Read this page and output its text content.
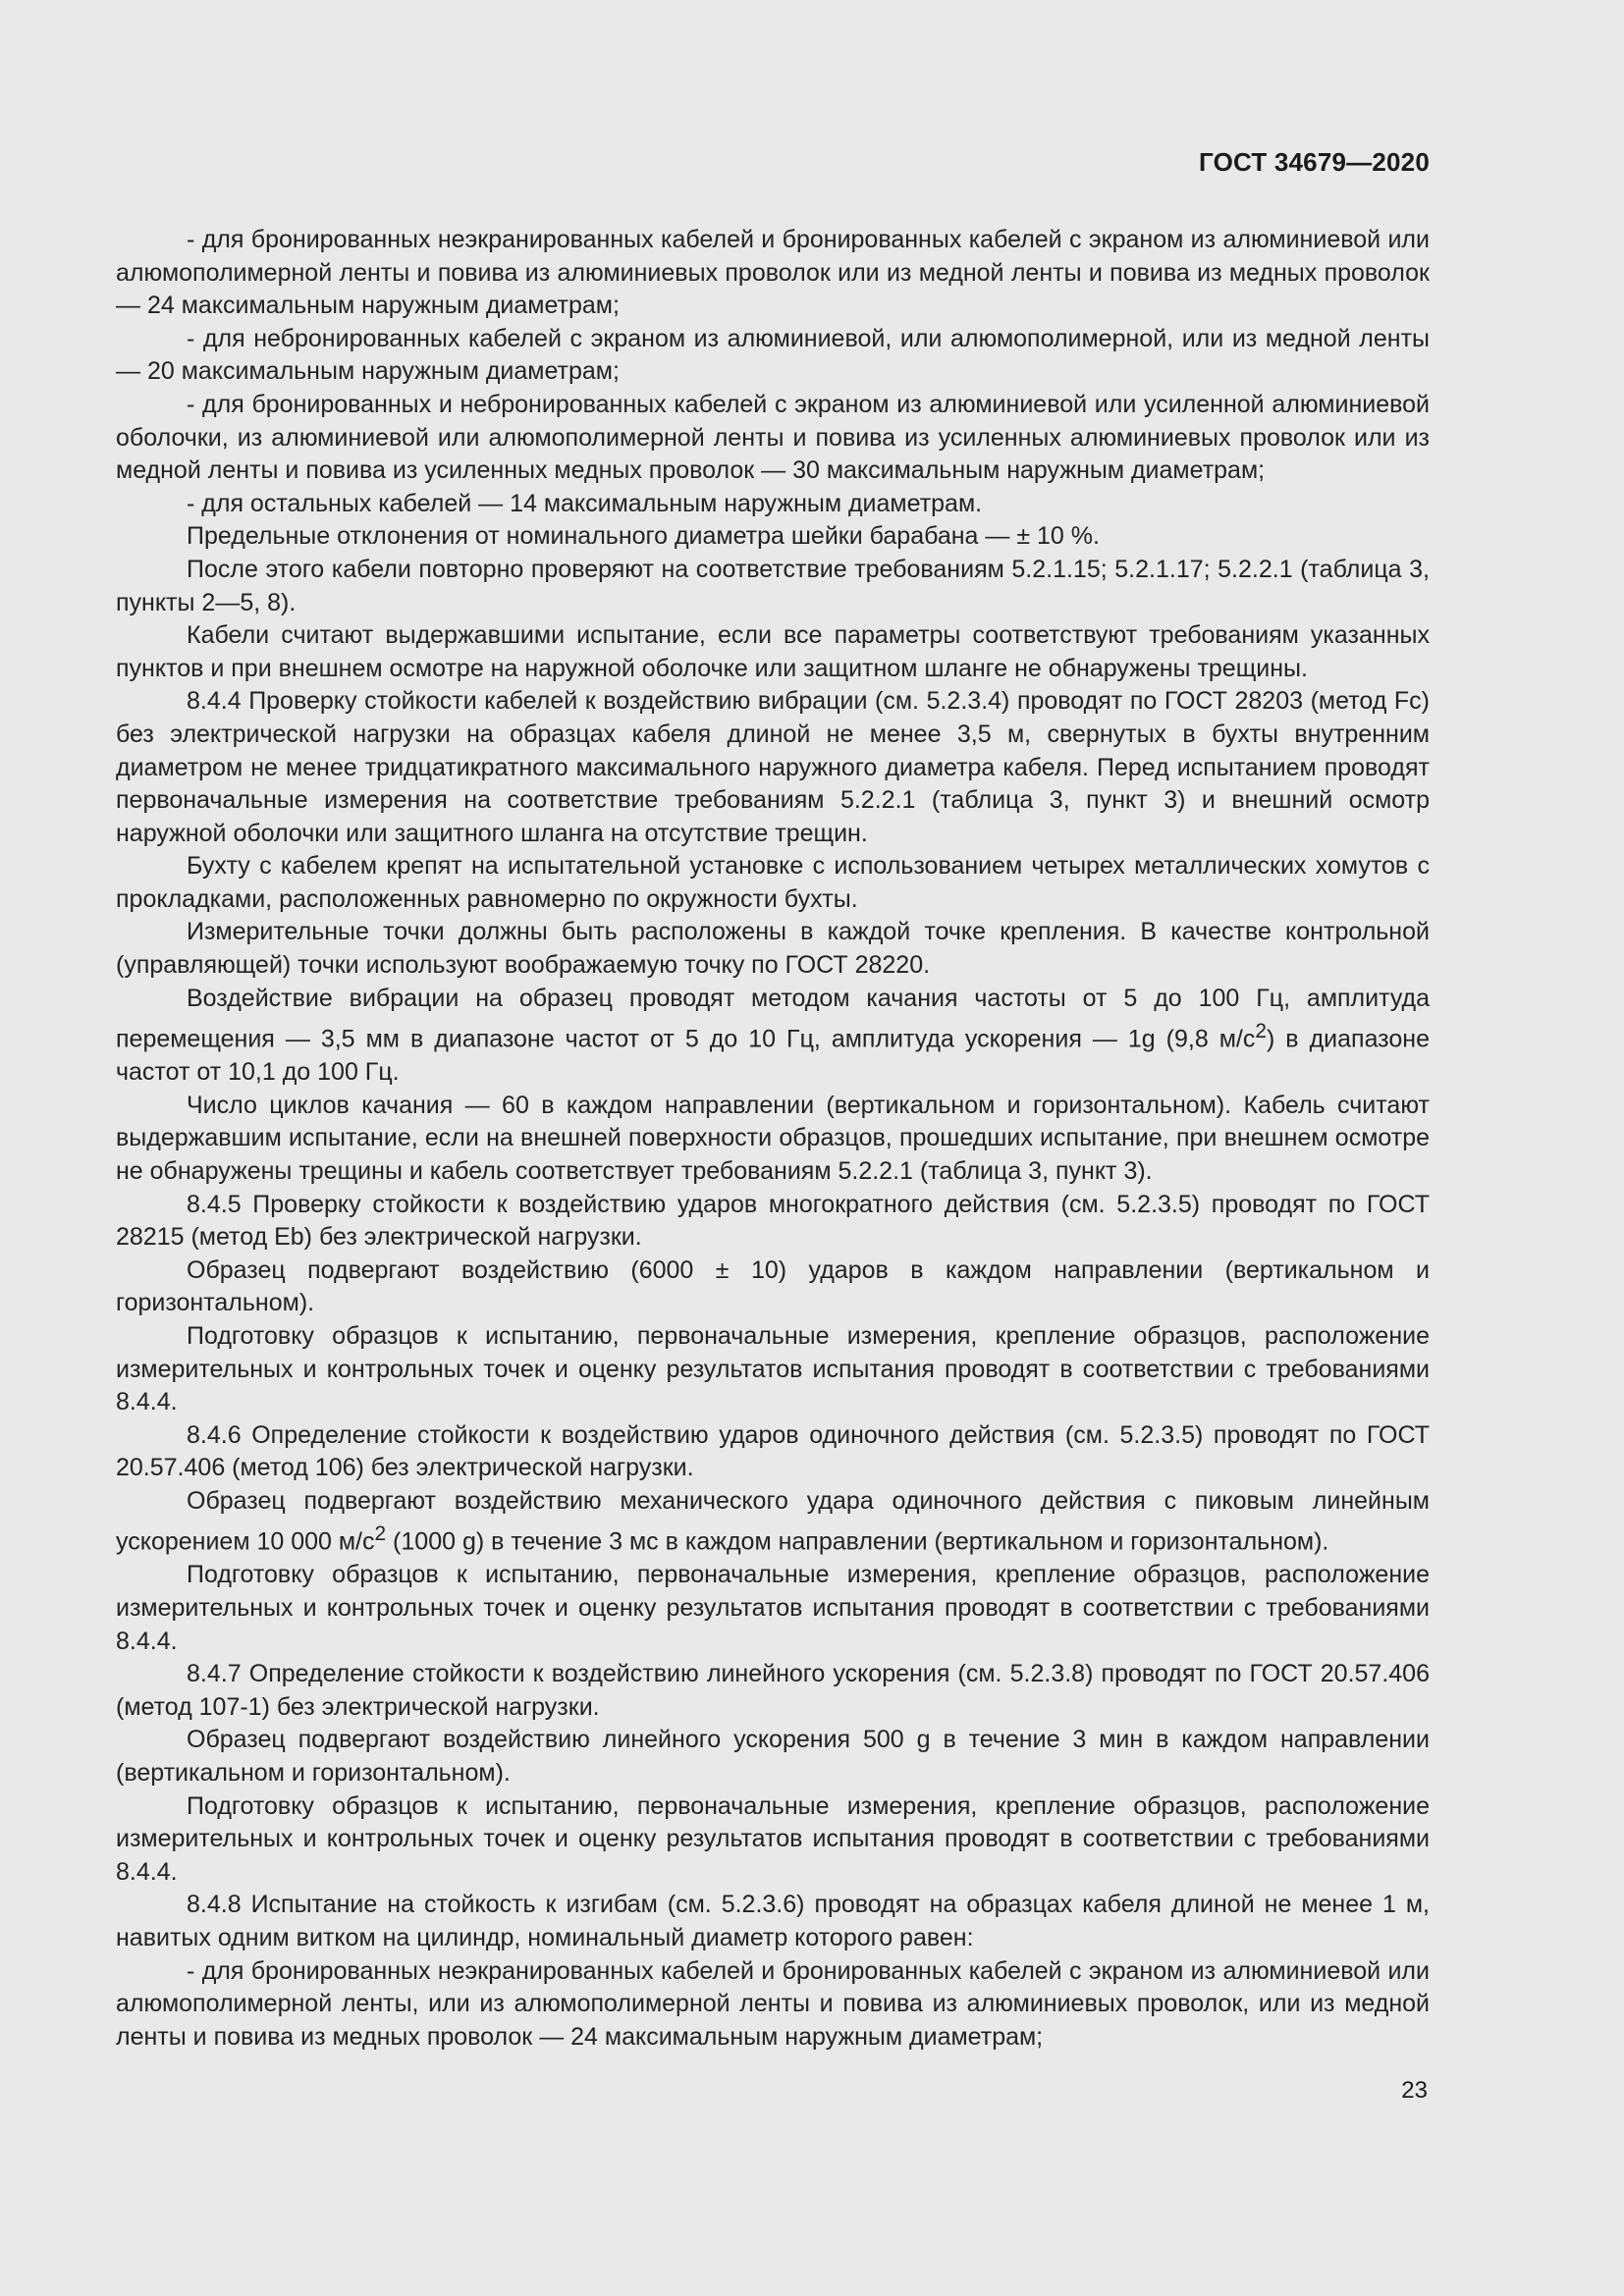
ГОСТ 34679—2020

- для бронированных неэкранированных кабелей и бронированных кабелей с экраном из алюминиевой или алюмополимерной ленты и повива из алюминиевых проволок или из медной ленты и повива из медных проволок — 24 максимальным наружным диаметрам;

- для небронированных кабелей с экраном из алюминиевой, или алюмополимерной, или из медной ленты — 20 максимальным наружным диаметрам;

- для бронированных и небронированных кабелей с экраном из алюминиевой или усиленной алюминиевой оболочки, из алюминиевой или алюмополимерной ленты и повива из усиленных алюминиевых проволок или из медной ленты и повива из усиленных медных проволок — 30 максимальным наружным диаметрам;

- для остальных кабелей — 14 максимальным наружным диаметрам.

Предельные отклонения от номинального диаметра шейки барабана — ± 10 %.

После этого кабели повторно проверяют на соответствие требованиям 5.2.1.15; 5.2.1.17; 5.2.2.1 (таблица 3, пункты 2—5, 8).

Кабели считают выдержавшими испытание, если все параметры соответствуют требованиям указанных пунктов и при внешнем осмотре на наружной оболочке или защитном шланге не обнаружены трещины.

8.4.4 Проверку стойкости кабелей к воздействию вибрации (см. 5.2.3.4) проводят по ГОСТ 28203 (метод Fc) без электрической нагрузки на образцах кабеля длиной не менее 3,5 м, свернутых в бухты внутренним диаметром не менее тридцатикратного максимального наружного диаметра кабеля. Перед испытанием проводят первоначальные измерения на соответствие требованиям 5.2.2.1 (таблица 3, пункт 3) и внешний осмотр наружной оболочки или защитного шланга на отсутствие трещин.

Бухту с кабелем крепят на испытательной установке с использованием четырех металлических хомутов с прокладками, расположенных равномерно по окружности бухты.

Измерительные точки должны быть расположены в каждой точке крепления. В качестве контрольной (управляющей) точки используют воображаемую точку по ГОСТ 28220.

Воздействие вибрации на образец проводят методом качания частоты от 5 до 100 Гц, амплитуда перемещения — 3,5 мм в диапазоне частот от 5 до 10 Гц, амплитуда ускорения — 1g (9,8 $м/с^2$) в диапазоне частот от 10,1 до 100 Гц.

Число циклов качания — 60 в каждом направлении (вертикальном и горизонтальном). Кабель считают выдержавшим испытание, если на внешней поверхности образцов, прошедших испытание, при внешнем осмотре не обнаружены трещины и кабель соответствует требованиям 5.2.2.1 (таблица 3, пункт 3).

8.4.5 Проверку стойкости к воздействию ударов многократного действия (см. 5.2.3.5) проводят по ГОСТ 28215 (метод Eb) без электрической нагрузки.

Образец подвергают воздействию (6000 ± 10) ударов в каждом направлении (вертикальном и горизонтальном).

Подготовку образцов к испытанию, первоначальные измерения, крепление образцов, расположение измерительных и контрольных точек и оценку результатов испытания проводят в соответствии с требованиями 8.4.4.

8.4.6 Определение стойкости к воздействию ударов одиночного действия (см. 5.2.3.5) проводят по ГОСТ 20.57.406 (метод 106) без электрической нагрузки.

Образец подвергают воздействию механического удара одиночного действия с пиковым линейным ускорением 10 000 $м/с^2$ (1000 g) в течение 3 мс в каждом направлении (вертикальном и горизонтальном).

Подготовку образцов к испытанию, первоначальные измерения, крепление образцов, расположение измерительных и контрольных точек и оценку результатов испытания проводят в соответствии с требованиями 8.4.4.

8.4.7 Определение стойкости к воздействию линейного ускорения (см. 5.2.3.8) проводят по ГОСТ 20.57.406 (метод 107-1) без электрической нагрузки.

Образец подвергают воздействию линейного ускорения 500 g в течение 3 мин в каждом направлении (вертикальном и горизонтальном).

Подготовку образцов к испытанию, первоначальные измерения, крепление образцов, расположение измерительных и контрольных точек и оценку результатов испытания проводят в соответствии с требованиями 8.4.4.

8.4.8 Испытание на стойкость к изгибам (см. 5.2.3.6) проводят на образцах кабеля длиной не менее 1 м, навитых одним витком на цилиндр, номинальный диаметр которого равен:

- для бронированных неэкранированных кабелей и бронированных кабелей с экраном из алюминиевой или алюмополимерной ленты, или из алюмополимерной ленты и повива из алюминиевых проволок, или из медной ленты и повива из медных проволок — 24 максимальным наружным диаметрам;

23
